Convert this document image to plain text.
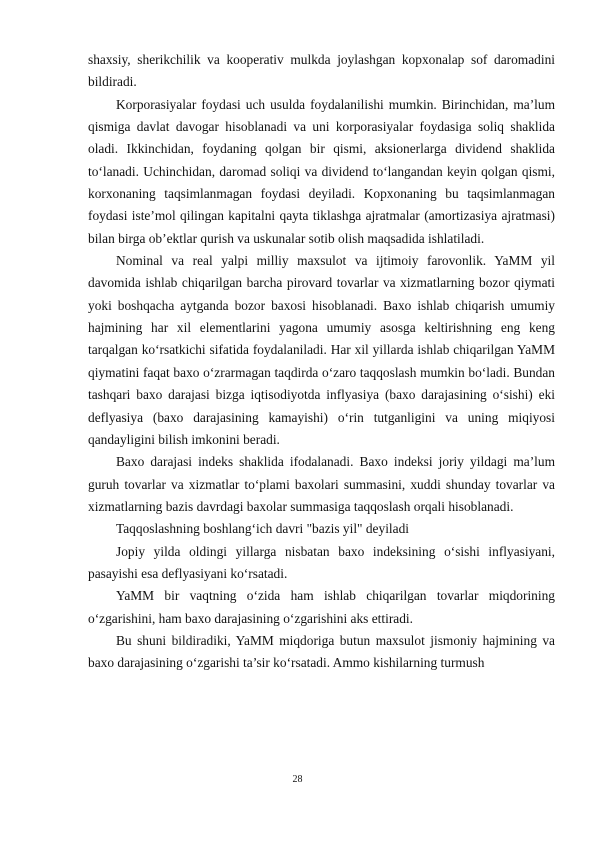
shaxsiy, sherikchilik va kooperativ mulkda joylashgan kopxonalap sof daromadini bildiradi.

Korporasiyalar foydasi uch usulda foydalanilishi mumkin. Birinchidan, ma’lum qismiga davlat davogar hisoblanadi va uni korporasiyalar foydasiga soliq shaklida oladi. Ikkinchidan, foydaning qolgan bir qismi, aksionerlarga dividend shaklida to‘lanadi. Uchinchidan, daromad soliqi va dividend to‘langandan keyin qolgan qismi, korxonaning taqsimlanmagan foydasi deyiladi. Kopxonaning bu taqsimlanmagan foydasi iste’mol qilingan kapitalni qayta tiklashga ajratmalar (amortizasiya ajratmasi) bilan birga ob’ektlar qurish va uskunalar sotib olish maqsadida ishlatiladi.

Nominal va real yalpi milliy maxsulot va ijtimoiy farovonlik. YaMM yil davomida ishlab chiqarilgan barcha pirovard tovarlar va xizmatlarning bozor qiymati yoki boshqacha aytganda bozor baxosi hisoblanadi. Baxo ishlab chiqarish umumiy hajmining har xil elementlarini yagona umumiy asosga keltirishning eng keng tarqalgan ko‘rsatkichi sifatida foydalaniladi. Har xil yillarda ishlab chiqarilgan YaMM qiymatini faqat baxo o‘zrarmagan taqdirda o‘zaro taqqoslash mumkin bo‘ladi. Bundan tashqari baxo darajasi bizga iqtisodiyotda inflyasiya (baxo darajasining o‘sishi) eki deflyasiya (baxo darajasining kamayishi) o‘rin tutganligini va uning miqiyosi qandayligini bilish imkonini beradi.

Baxo darajasi indeks shaklida ifodalanadi. Baxo indeksi joriy yildagi ma’lum guruh tovarlar va xizmatlar to‘plami baxolari summasini, xuddi shunday tovarlar va xizmatlarning bazis davrdagi baxolar summasiga taqqoslash orqali hisoblanadi.

Taqqoslashning boshlang‘ich davri "bazis yil" deyiladi

Jopiy yilda oldingi yillarga nisbatan baxo indeksining o‘sishi inflyasiyani, pasayishi esa deflyasiyani ko‘rsatadi.

YaMM bir vaqtning o‘zida ham ishlab chiqarilgan tovarlar miqdorining o‘zgarishini, ham baxo darajasining o‘zgarishini aks ettiradi.

Bu shuni bildiradiki, YaMM miqdoriga butun maxsulot jismoniy hajmining va baxo darajasining o‘zgarishi ta’sir ko‘rsatadi. Ammo kishilarning turmush

28
